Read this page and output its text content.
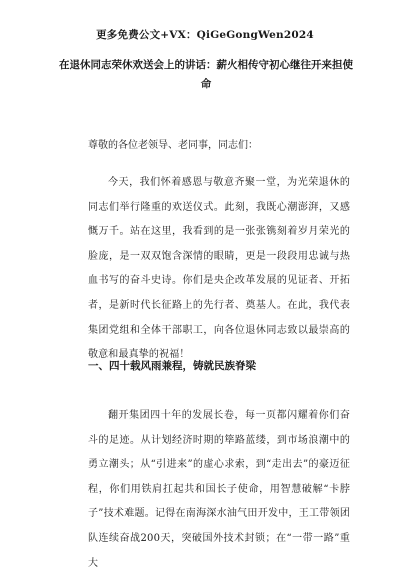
更多免费公文+VX：QiGeGongWen2024
在退休同志荣休欢送会上的讲话：薪火相传守初心继往开来担使命
尊敬的各位老领导、老同事，同志们：

今天，我们怀着感恩与敬意齐聚一堂，为光荣退休的同志们举行隆重的欢送仪式。此刻，我既心潮澎湃，又感慨万千。站在这里，我看到的是一张张镌刻着岁月荣光的脸庞，是一双双饱含深情的眼睛，更是一段段用忠诚与热血书写的奋斗史诗。你们是央企改革发展的见证者、开拓者，是新时代长征路上的先行者、奠基人。在此，我代表集团党组和全体干部职工，向各位退休同志致以最崇高的敬意和最真挚的祝福！

一、四十载风雨兼程，铸就民族脊梁

翻开集团四十年的发展长卷，每一页都闪耀着你们奋斗的足迹。从计划经济时期的筚路蓝缕，到市场浪潮中的勇立潮头；从“引进来”的虚心求索，到“走出去”的豪迈征程，你们用铁肩扛起共和国长子使命，用智慧破解“卡脖子”技术难题。记得在南海深水油气田开发中，王工带领团队连续奋战200天，突破国外技术封锁；在“一带一路”重大
